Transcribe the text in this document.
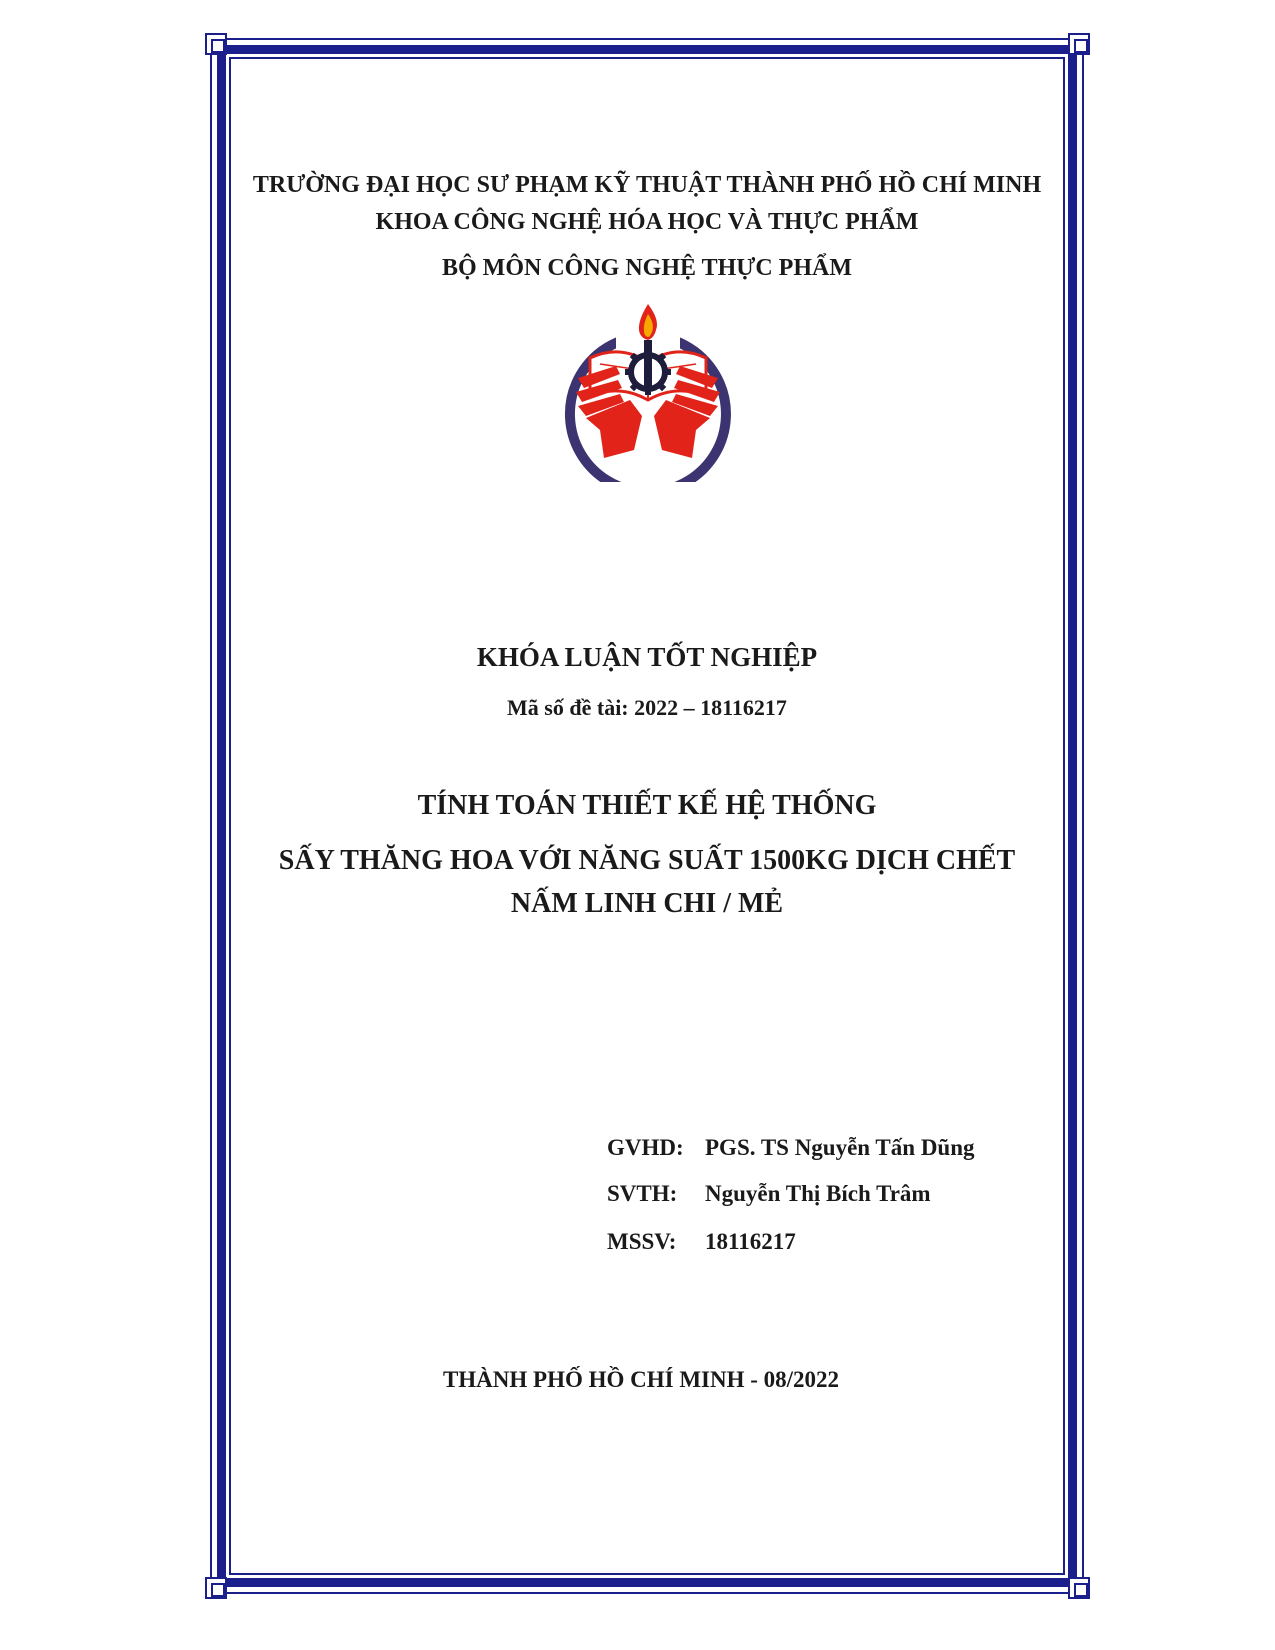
TRƯỜNG ĐẠI HỌC SƯ PHẠM KỸ THUẬT THÀNH PHỐ HỒ CHÍ MINH
KHOA CÔNG NGHỆ HÓA HỌC VÀ THỰC PHẨM
BỘ MÔN CÔNG NGHỆ THỰC PHẨM
KHÓA LUẬN TỐT NGHIỆP
Mã số đề tài: 2022 – 18116217
TÍNH TOÁN THIẾT KẾ HỆ THỐNG
SẤY THĂNG HOA VỚI NĂNG SUẤT 1500KG DỊCH CHẾT
NẤM LINH CHI / MẺ
GVHD: PGS. TS Nguyễn Tấn Dũng
SVTH: Nguyễn Thị Bích Trâm
MSSV: 18116217
THÀNH PHỐ HỒ CHÍ MINH - 08/2022
